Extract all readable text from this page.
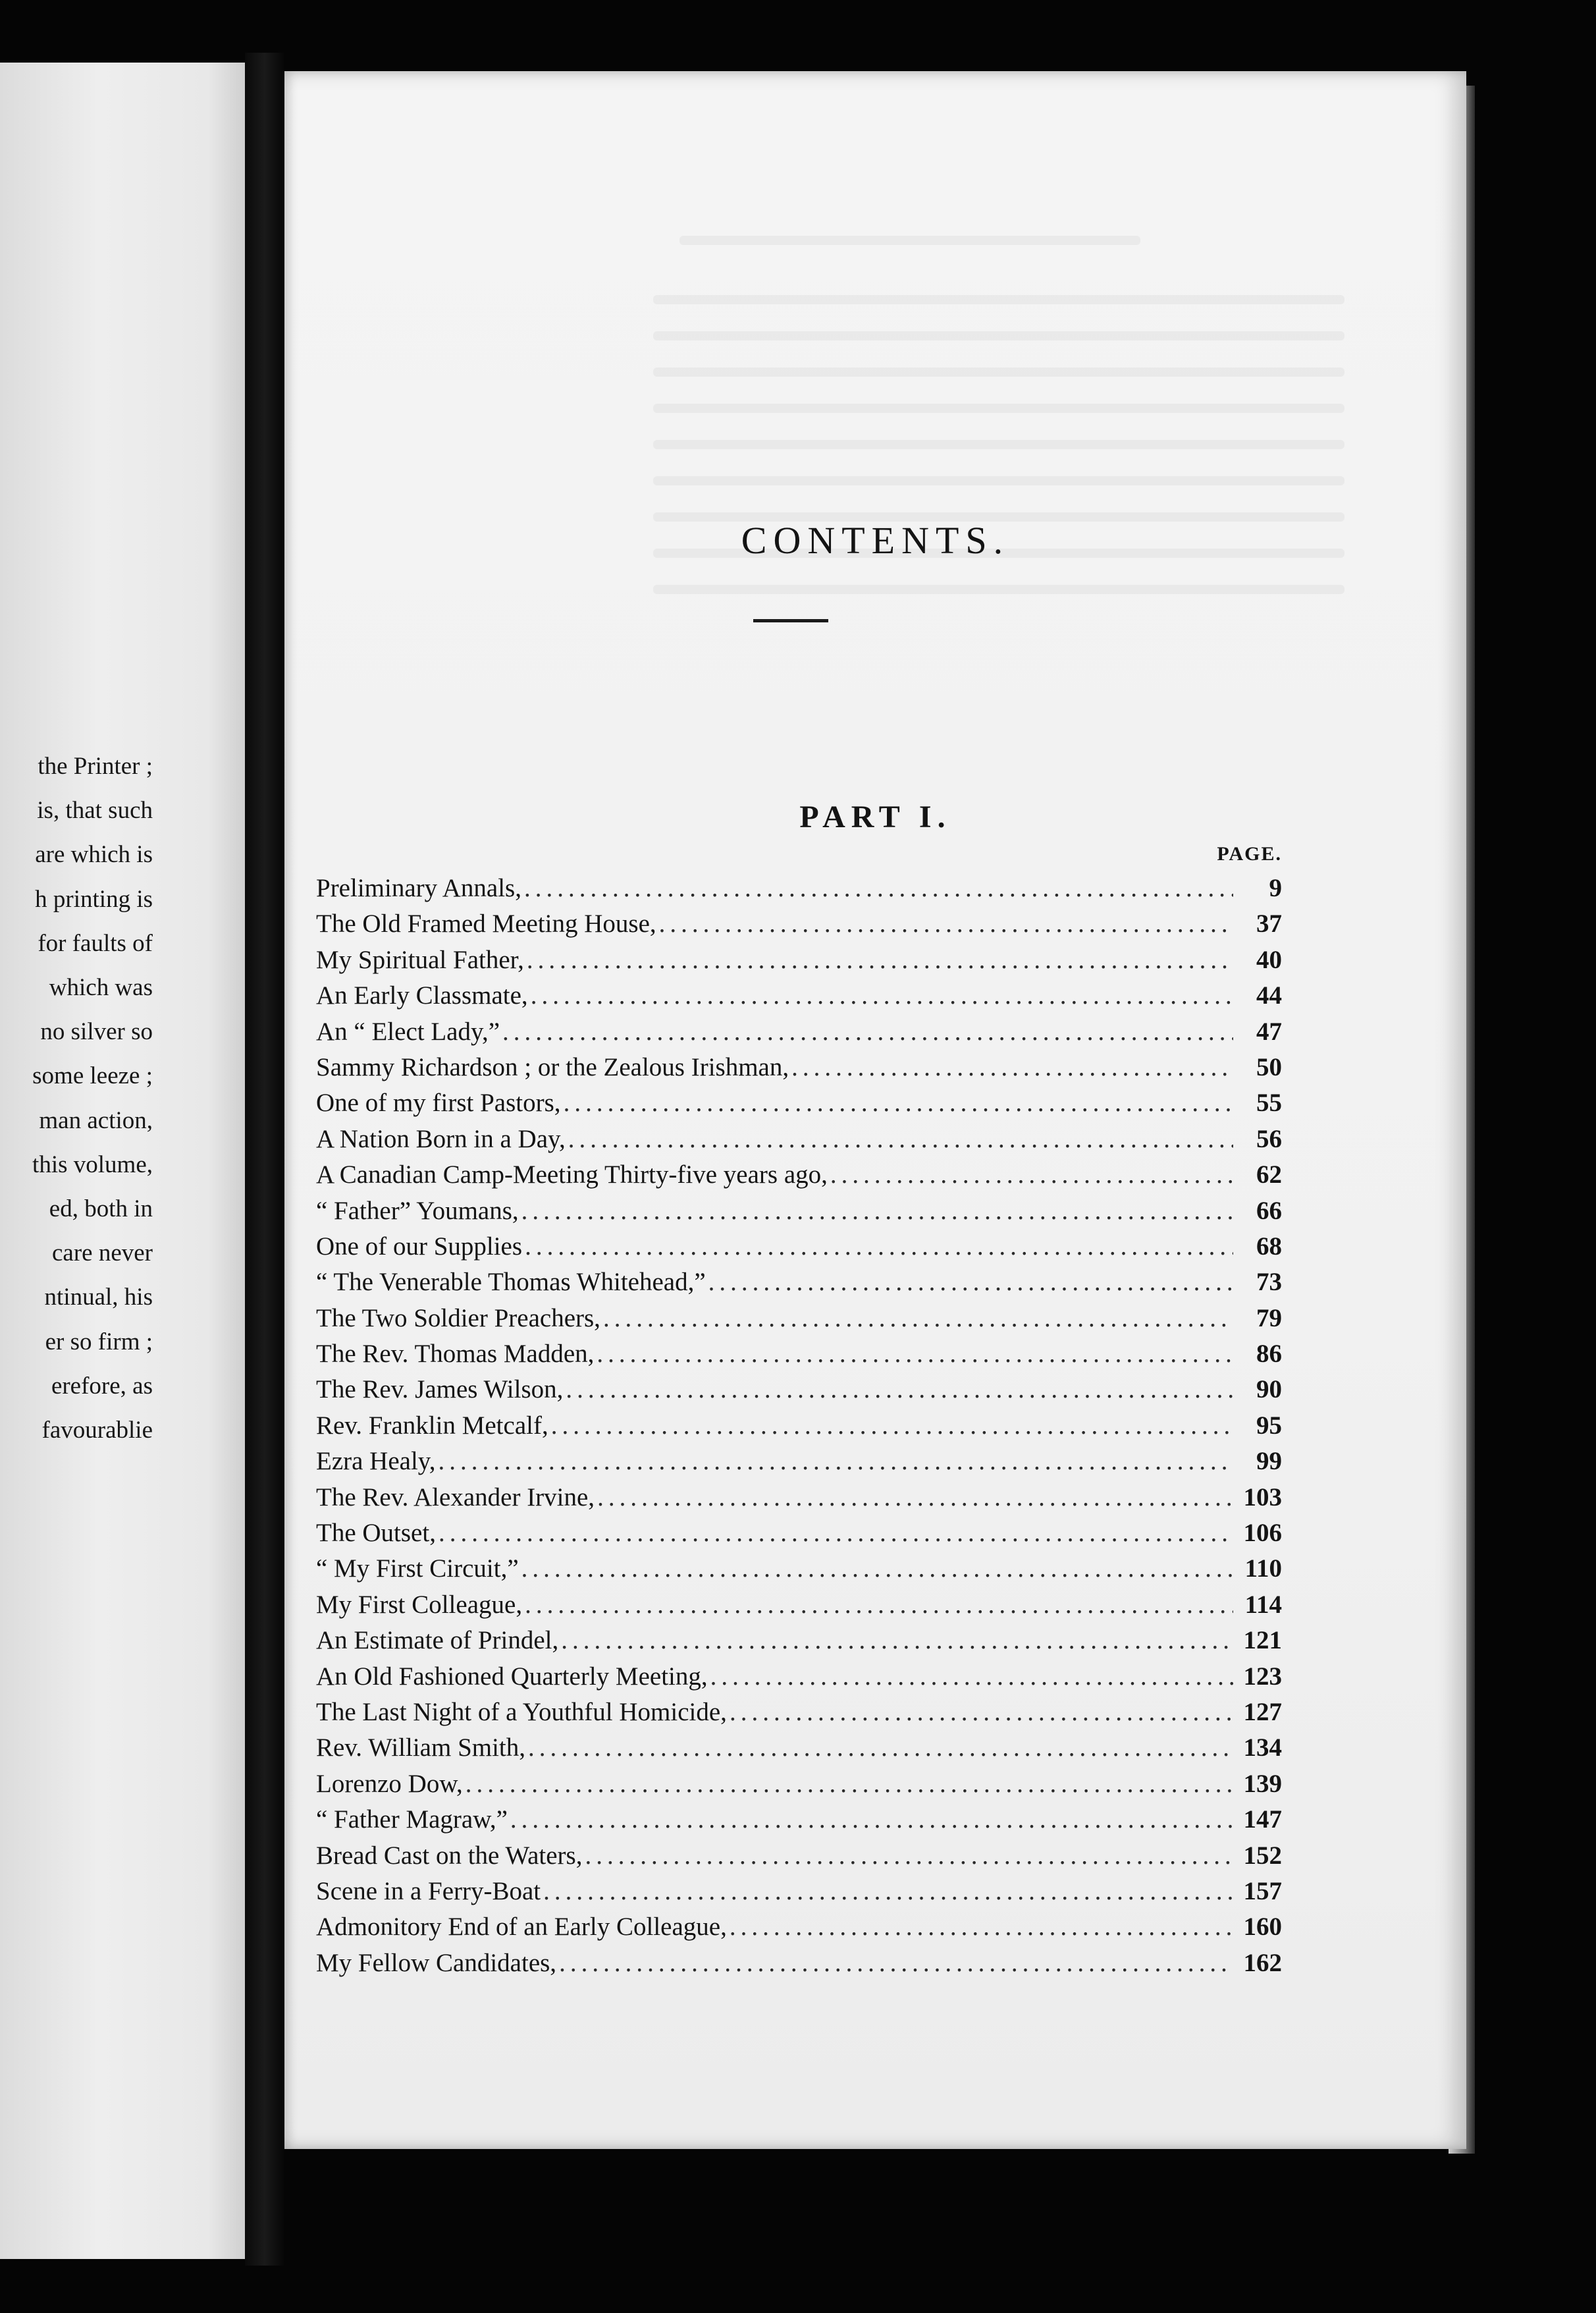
the Printer ;
is, that such
are which is
h printing is
for faults of
which was
no silver so
some leeze ;
man action,
this volume,
ed, both in
care never
ntinual, his
er so firm ;
erefore, as
favourablie
CONTENTS.
PART I.
PAGE.
Preliminary Annals, .....	9
The Old Framed Meeting House, .....	37
My Spiritual Father, .....	40
An Early Classmate, .....	44
An “ Elect Lady,” .....	47
Sammy Richardson ; or the Zealous Irishman, .....	50
One of my first Pastors, .....	55
A Nation Born in a Day, .....	56
A Canadian Camp-Meeting Thirty-five years ago, .....	62
“ Father” Youmans, .....	66
One of our Supplies .....	68
“ The Venerable Thomas Whitehead,” .....	73
The Two Soldier Preachers, .....	79
The Rev. Thomas Madden, .....	86
The Rev. James Wilson, .....	90
Rev. Franklin Metcalf, .....	95
Ezra Healy, .....	99
The Rev. Alexander Irvine, .....	103
The Outset, .....	106
“ My First Circuit,” .....	110
My First Colleague, .....	114
An Estimate of Prindel, .....	121
An Old Fashioned Quarterly Meeting, .....	123
The Last Night of a Youthful Homicide, .....	127
Rev. William Smith, .....	134
Lorenzo Dow, .....	139
“ Father Magraw,” .....	147
Bread Cast on the Waters, .....	152
Scene in a Ferry-Boat .....	157
Admonitory End of an Early Colleague, .....	160
My Fellow Candidates, .....	162
